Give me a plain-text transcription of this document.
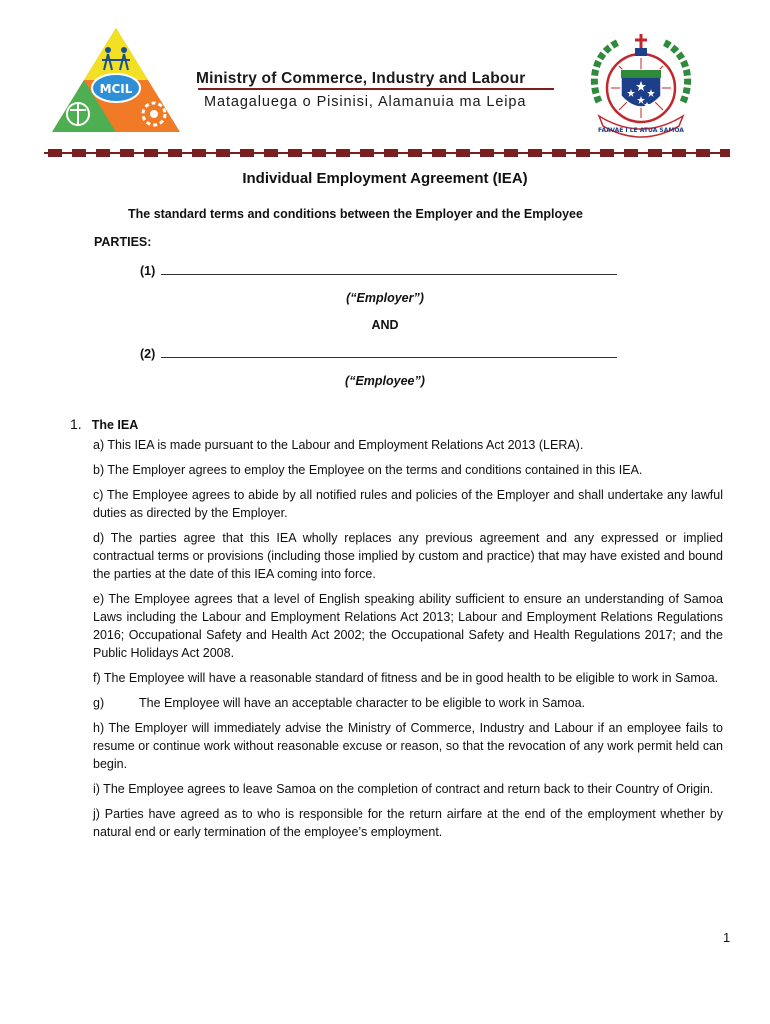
MCIL
Ministry of Commerce, Industry and Labour
Matagaluega o Pisinisi, Alamanuia ma Leipa
FAAVAE I LE ATUA SAMOA
Individual Employment Agreement (IEA)
The standard terms and conditions between the Employer and the Employee
PARTIES:
(1)
(“Employer”)
AND
(2)
(“Employee”)
1. The IEA

a) This IEA is made pursuant to the Labour and Employment Relations Act 2013 (LERA).

b) The Employer agrees to employ the Employee on the terms and conditions contained in this IEA.

c) The Employee agrees to abide by all notified rules and policies of the Employer and shall undertake any lawful duties as directed by the Employer.

d) The parties agree that this IEA wholly replaces any previous agreement and any expressed or implied contractual terms or provisions (including those implied by custom and practice) that may have existed and bound the parties at the date of this IEA coming into force.

e) The Employee agrees that a level of English speaking ability sufficient to ensure an understanding of Samoa Laws including the Labour and Employment Relations Act 2013; Labour and Employment Relations Regulations 2016; Occupational Safety and Health Act 2002; the Occupational Safety and Health Regulations 2017; and the Public Holidays Act 2008.

f) The Employee will have a reasonable standard of fitness and be in good health to be eligible to work in Samoa.

g)	The Employee will have an acceptable character to be eligible to work in Samoa.

h) The Employer will immediately advise the Ministry of Commerce, Industry and Labour if an employee fails to resume or continue work without reasonable excuse or reason, so that the revocation of any work permit held can begin.

i) The Employee agrees to leave Samoa on the completion of contract and return back to their Country of Origin.

j) Parties have agreed as to who is responsible for the return airfare at the end of the employment whether by natural end or early termination of the employee’s employment.

1
